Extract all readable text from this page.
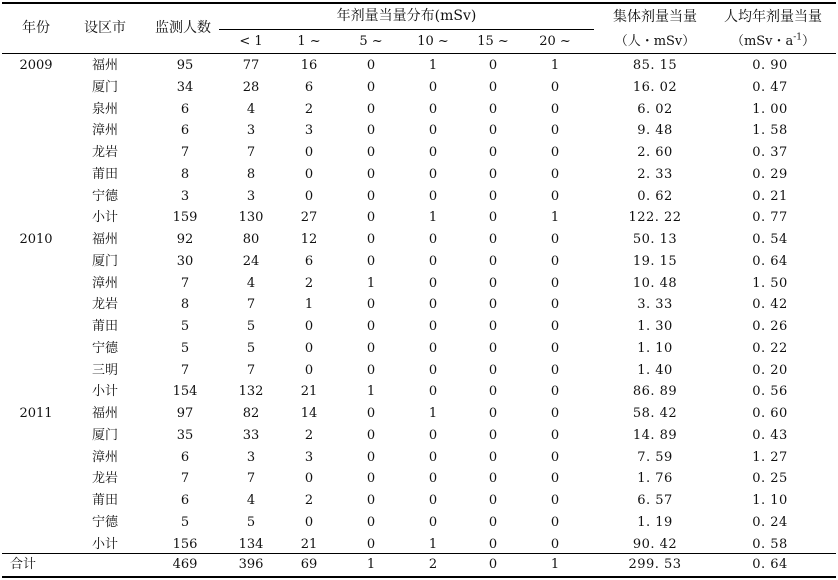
年份	设区市	监测人数
年剂量当量分布(mSv)
< 1	1 ~	5 ~	10 ~	15 ~	20 ~
集体剂量当量
（人・mSv）
人均年剂量当量
（mSv・$a^{-1}$）
2009	福州	95	77	16	0	1	0	1	85. 15	0. 90
厦门	34	28	6	0	0	0	0	16. 02	0. 47
泉州	6	4	2	0	0	0	0	6. 02	1. 00
漳州	6	3	3	0	0	0	0	9. 48	1. 58
龙岩	7	7	0	0	0	0	0	2. 60	0. 37
莆田	8	8	0	0	0	0	0	2. 33	0. 29
宁德	3	3	0	0	0	0	0	0. 62	0. 21
小计	159	130	27	0	1	0	1	122. 22	0. 77
2010	福州	92	80	12	0	0	0	0	50. 13	0. 54
厦门	30	24	6	0	0	0	0	19. 15	0. 64
漳州	7	4	2	1	0	0	0	10. 48	1. 50
龙岩	8	7	1	0	0	0	0	3. 33	0. 42
莆田	5	5	0	0	0	0	0	1. 30	0. 26
宁德	5	5	0	0	0	0	0	1. 10	0. 22
三明	7	7	0	0	0	0	0	1. 40	0. 20
小计	154	132	21	1	0	0	0	86. 89	0. 56
2011	福州	97	82	14	0	1	0	0	58. 42	0. 60
厦门	35	33	2	0	0	0	0	14. 89	0. 43
漳州	6	3	3	0	0	0	0	7. 59	1. 27
龙岩	7	7	0	0	0	0	0	1. 76	0. 25
莆田	6	4	2	0	0	0	0	6. 57	1. 10
宁德	5	5	0	0	0	0	0	1. 19	0. 24
小计	156	134	21	0	1	0	0	90. 42	0. 58
合计	469	396	69	1	2	0	1	299. 53	0. 64
